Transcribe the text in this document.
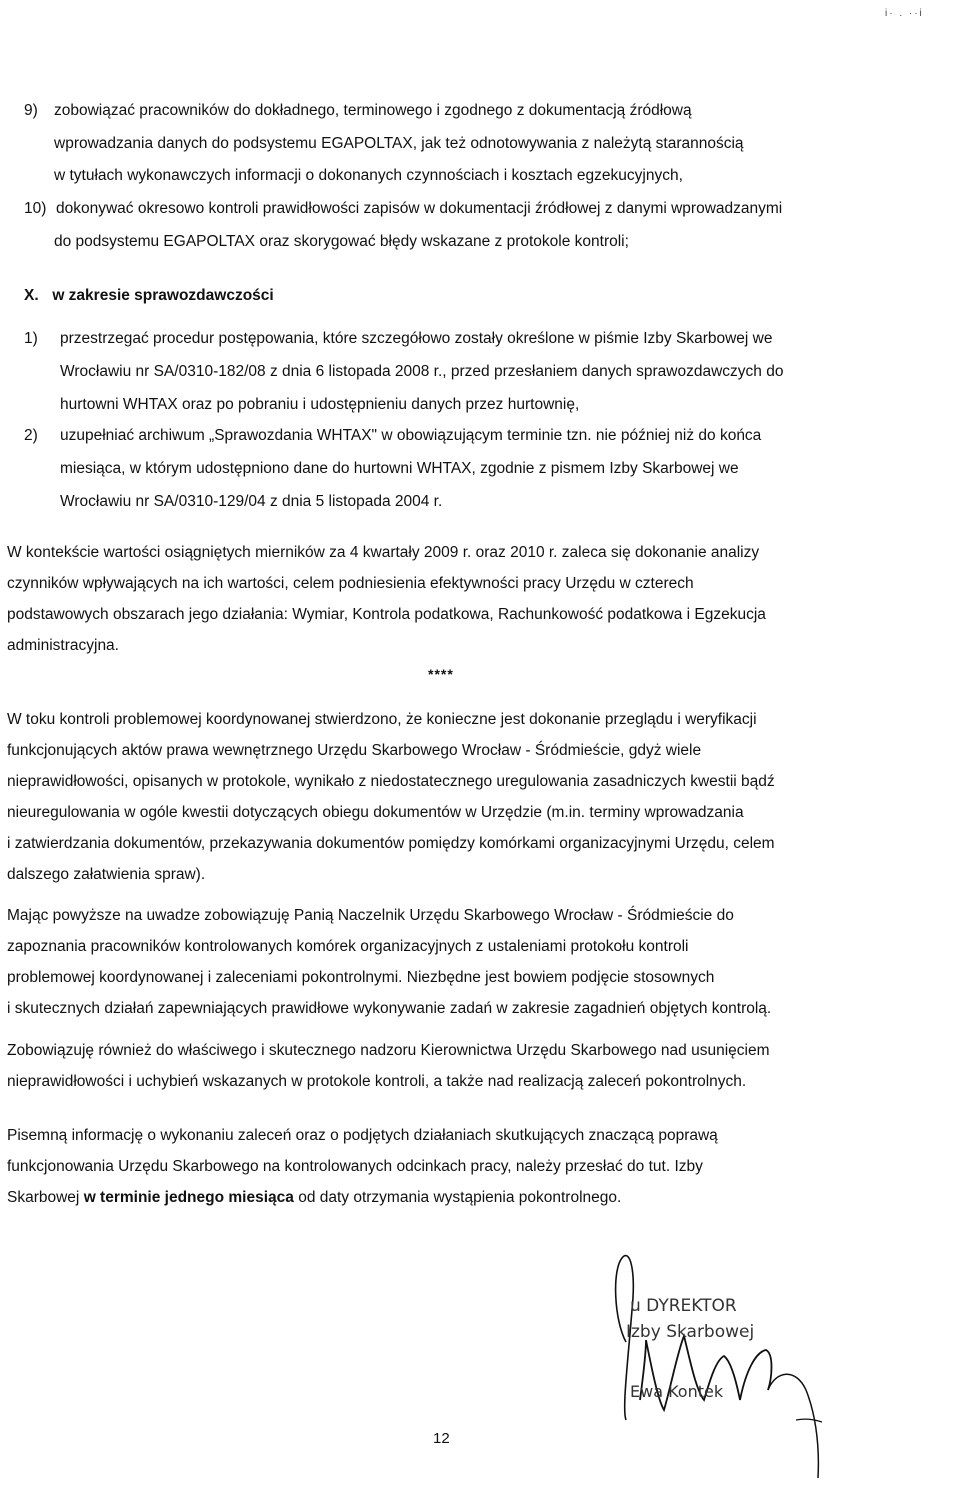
i· . ··i
9) zobowiązać pracowników do dokładnego, terminowego i zgodnego z dokumentacją źródłową
wprowadzania danych do podsystemu EGAPOLTAX, jak też odnotowywania z należytą starannością
w tytułach wykonawczych informacji o dokonanych czynnościach i kosztach egzekucyjnych,
10) dokonywać okresowo kontroli prawidłowości zapisów w dokumentacji źródłowej z danymi wprowadzanymi
do podsystemu EGAPOLTAX oraz skorygować błędy wskazane z protokole kontroli;
X. w zakresie sprawozdawczości
1) przestrzegać procedur postępowania, które szczegółowo zostały określone w piśmie Izby Skarbowej we
Wrocławiu nr SA/0310-182/08 z dnia 6 listopada 2008 r., przed przesłaniem danych sprawozdawczych do
hurtowni WHTAX oraz po pobraniu i udostępnieniu danych przez hurtownię,
2) uzupełniać archiwum „Sprawozdania WHTAX" w obowiązującym terminie tzn. nie później niż do końca
miesiąca, w którym udostępniono dane do hurtowni WHTAX, zgodnie z pismem Izby Skarbowej we
Wrocławiu nr SA/0310-129/04 z dnia 5 listopada 2004 r.
W kontekście wartości osiągniętych mierników za 4 kwartały 2009 r. oraz 2010 r. zaleca się dokonanie analizy
czynników wpływających na ich wartości, celem podniesienia efektywności pracy Urzędu w czterech
podstawowych obszarach jego działania: Wymiar, Kontrola podatkowa, Rachunkowość podatkowa i Egzekucja
administracyjna.
****
W toku kontroli problemowej koordynowanej stwierdzono, że konieczne jest dokonanie przeglądu i weryfikacji
funkcjonujących aktów prawa wewnętrznego Urzędu Skarbowego Wrocław - Śródmieście, gdyż wiele
nieprawidłowości, opisanych w protokole, wynikało z niedostatecznego uregulowania zasadniczych kwestii bądź
nieuregulowania w ogóle kwestii dotyczących obiegu dokumentów w Urzędzie (m.in. terminy wprowadzania
i zatwierdzania dokumentów, przekazywania dokumentów pomiędzy komórkami organizacyjnymi Urzędu, celem
dalszego załatwienia spraw).
Mając powyższe na uwadze zobowiązuję Panią Naczelnik Urzędu Skarbowego Wrocław - Śródmieście do
zapoznania pracowników kontrolowanych komórek organizacyjnych z ustaleniami protokołu kontroli
problemowej koordynowanej i zaleceniami pokontrolnymi. Niezbędne jest bowiem podjęcie stosownych
i skutecznych działań zapewniających prawidłowe wykonywanie zadań w zakresie zagadnień objętych kontrolą.
Zobowiązuję również do właściwego i skutecznego nadzoru Kierownictwa Urzędu Skarbowego nad usunięciem
nieprawidłowości i uchybień wskazanych w protokole kontroli, a także nad realizacją zaleceń pokontrolnych.
Pisemną informację o wykonaniu zaleceń oraz o podjętych działaniach skutkujących znaczącą poprawą
funkcjonowania Urzędu Skarbowego na kontrolowanych odcinkach pracy, należy przesłać do tut. Izby
Skarbowej w terminie jednego miesiąca od daty otrzymania wystąpienia pokontrolnego.
u DYREKTOR
Izby Skarbowej
Ewa Kontek
12
